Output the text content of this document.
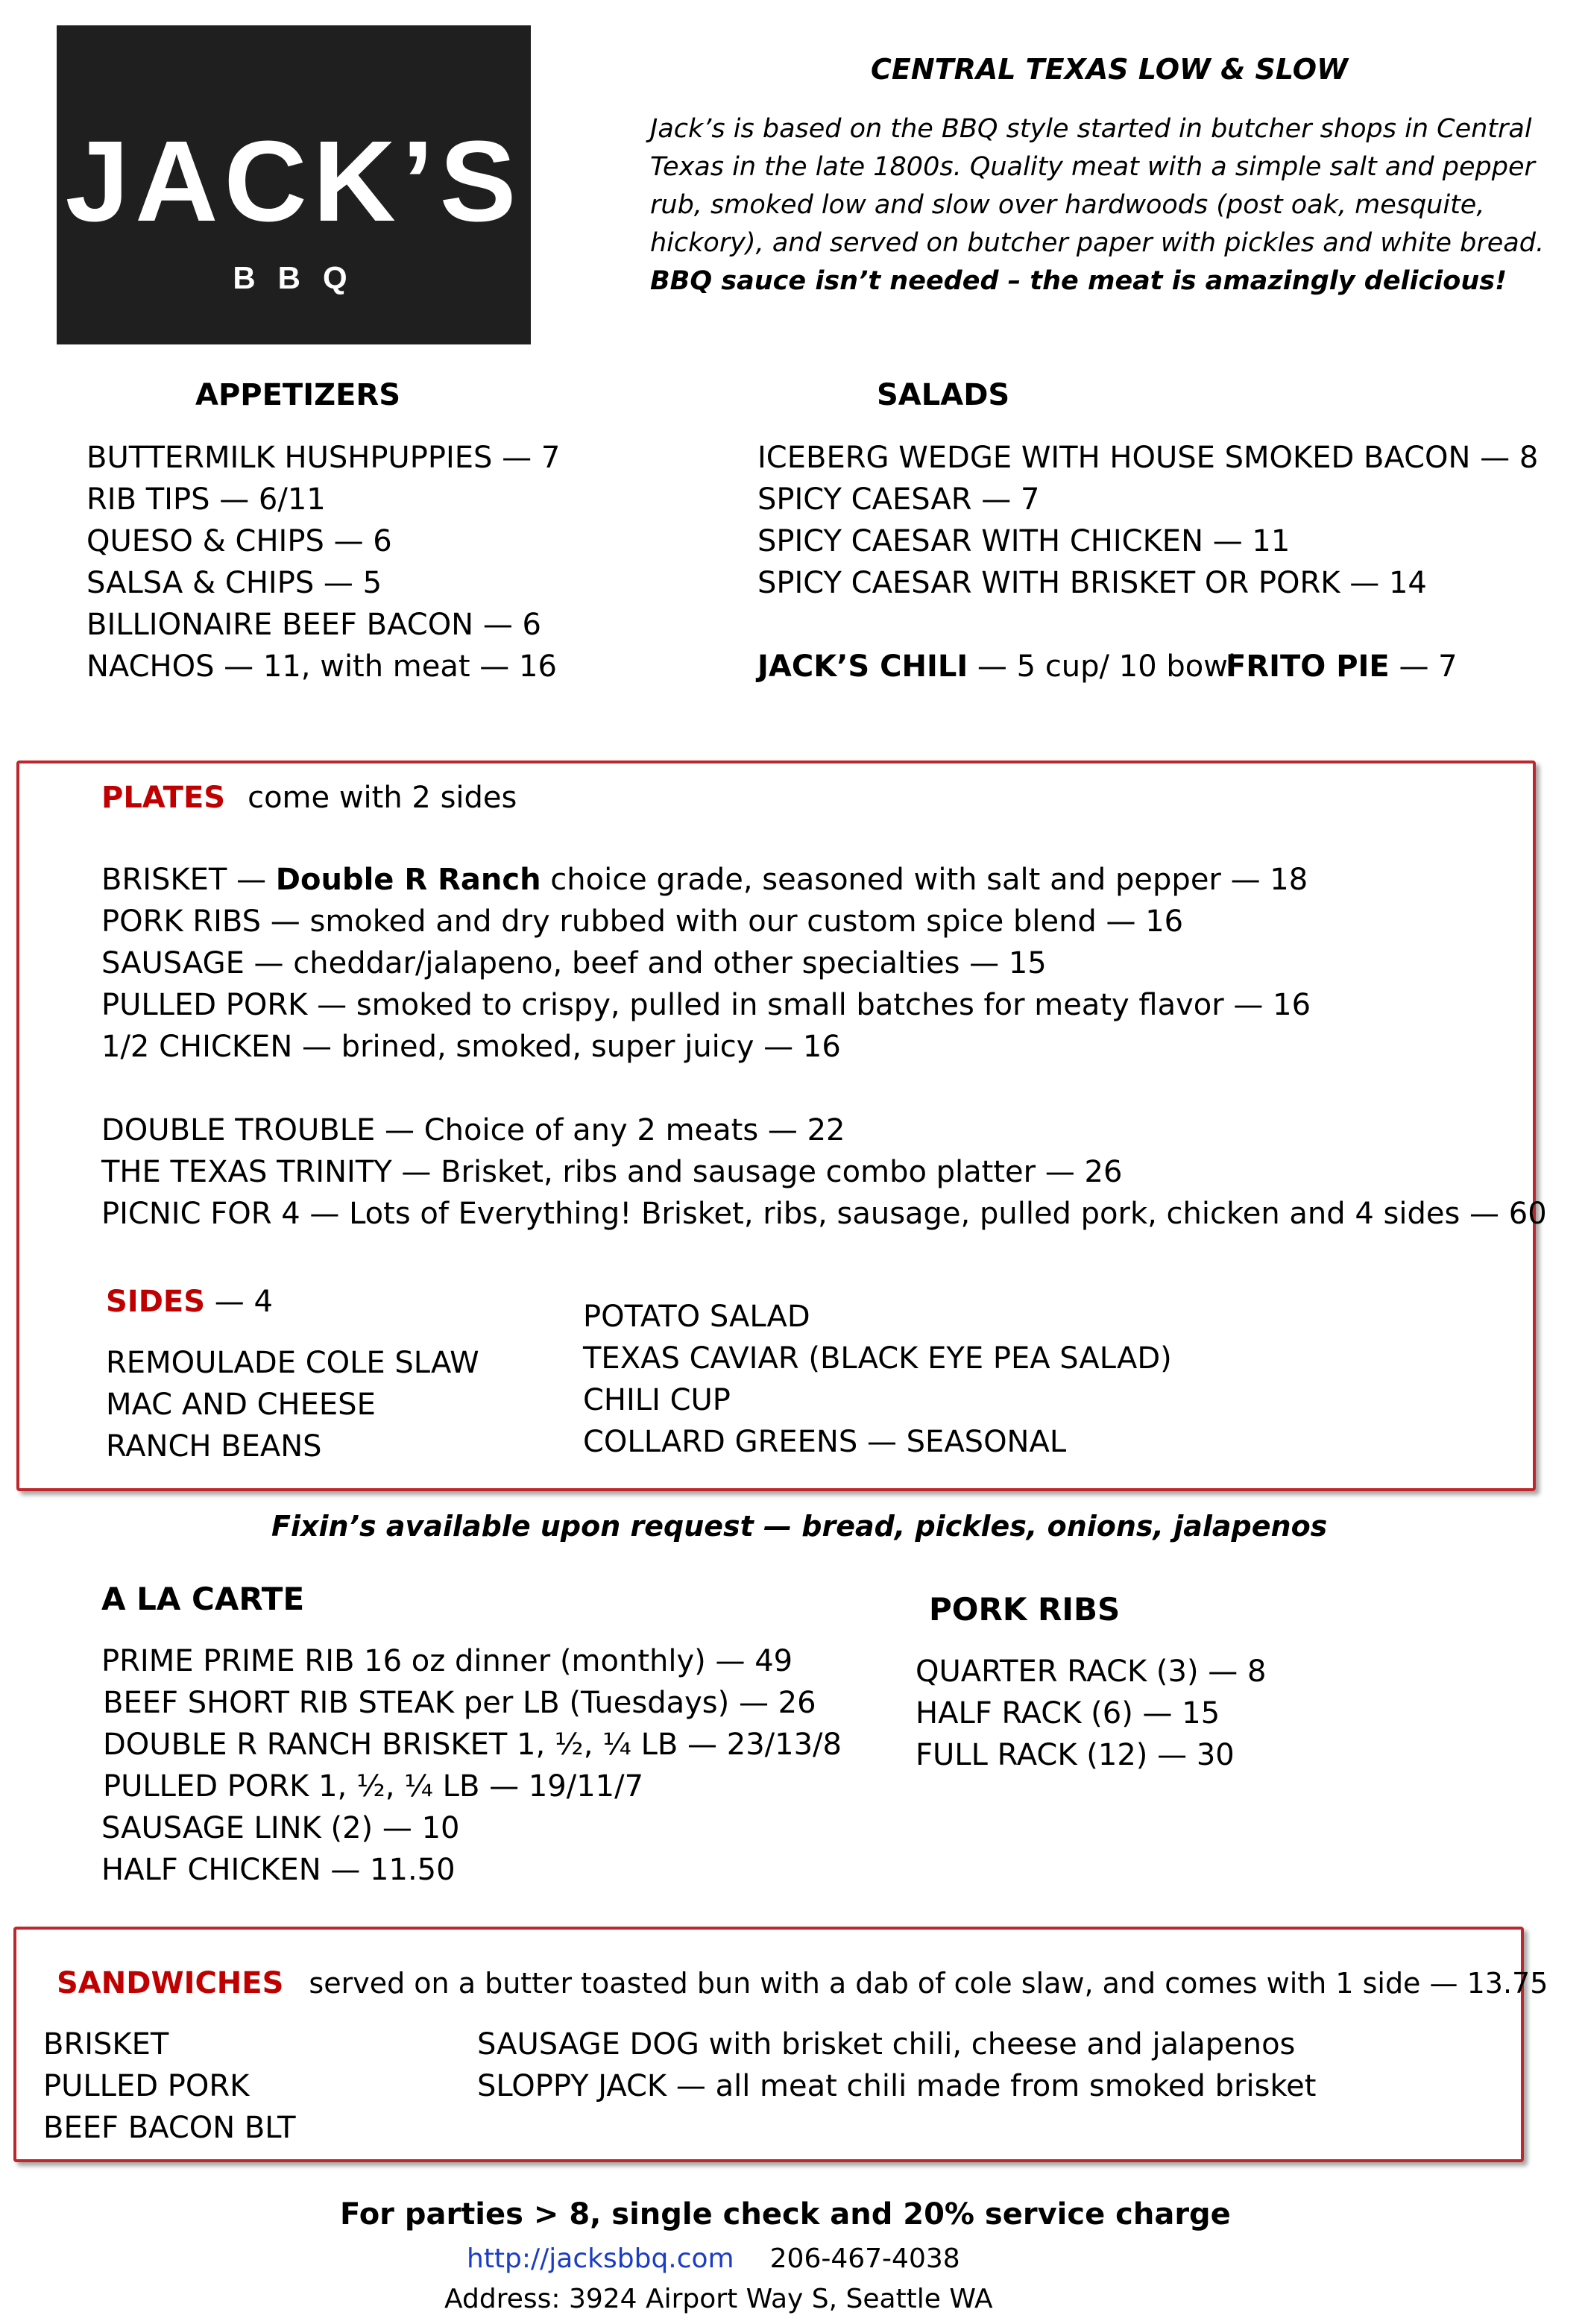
JACK’S
BBQ
CENTRAL TEXAS LOW & SLOW
Jack’s is based on the BBQ style started in butcher shops in Central
Texas in the late 1800s. Quality meat with a simple salt and pepper
rub, smoked low and slow over hardwoods (post oak, mesquite,
hickory), and served on butcher paper with pickles and white bread.
BBQ sauce isn’t needed – the meat is amazingly delicious!
APPETIZERS
BUTTERMILK HUSHPUPPIES — 7
RIB TIPS — 6/11
QUESO & CHIPS — 6
SALSA & CHIPS — 5
BILLIONAIRE BEEF BACON — 6
NACHOS — 11, with meat — 16
SALADS
ICEBERG WEDGE WITH HOUSE SMOKED BACON — 8
SPICY CAESAR — 7
SPICY CAESAR WITH CHICKEN — 11
SPICY CAESAR WITH BRISKET OR PORK — 14
JACK’S CHILI — 5 cup/ 10 bowl
FRITO PIE — 7
PLATES come with 2 sides
BRISKET — Double R Ranch choice grade, seasoned with salt and pepper — 18
PORK RIBS — smoked and dry rubbed with our custom spice blend — 16
SAUSAGE — cheddar/jalapeno, beef and other specialties — 15
PULLED PORK — smoked to crispy, pulled in small batches for meaty flavor — 16
1/2 CHICKEN — brined, smoked, super juicy — 16
DOUBLE TROUBLE — Choice of any 2 meats — 22
THE TEXAS TRINITY — Brisket, ribs and sausage combo platter — 26
PICNIC FOR 4 — Lots of Everything! Brisket, ribs, sausage, pulled pork, chicken and 4 sides — 60
SIDES — 4
REMOULADE COLE SLAW
MAC AND CHEESE
RANCH BEANS
POTATO SALAD
TEXAS CAVIAR (BLACK EYE PEA SALAD)
CHILI CUP
COLLARD GREENS — SEASONAL
Fixin’s available upon request — bread, pickles, onions, jalapenos
A LA CARTE
PRIME PRIME RIB 16 oz dinner (monthly) — 49
BEEF SHORT RIB STEAK per LB (Tuesdays) — 26
DOUBLE R RANCH BRISKET 1, ½, ¼ LB — 23/13/8
PULLED PORK 1, ½, ¼ LB — 19/11/7
SAUSAGE LINK (2) — 10
HALF CHICKEN — 11.50
PORK RIBS
QUARTER RACK (3) — 8
HALF RACK (6) — 15
FULL RACK (12) — 30
SANDWICHES served on a butter toasted bun with a dab of cole slaw, and comes with 1 side — 13.75
BRISKET
PULLED PORK
BEEF BACON BLT
SAUSAGE DOG with brisket chili, cheese and jalapenos
SLOPPY JACK — all meat chili made from smoked brisket
For parties > 8, single check and 20% service charge
http://jacksbbq.com 206-467-4038
Address: 3924 Airport Way S, Seattle WA
